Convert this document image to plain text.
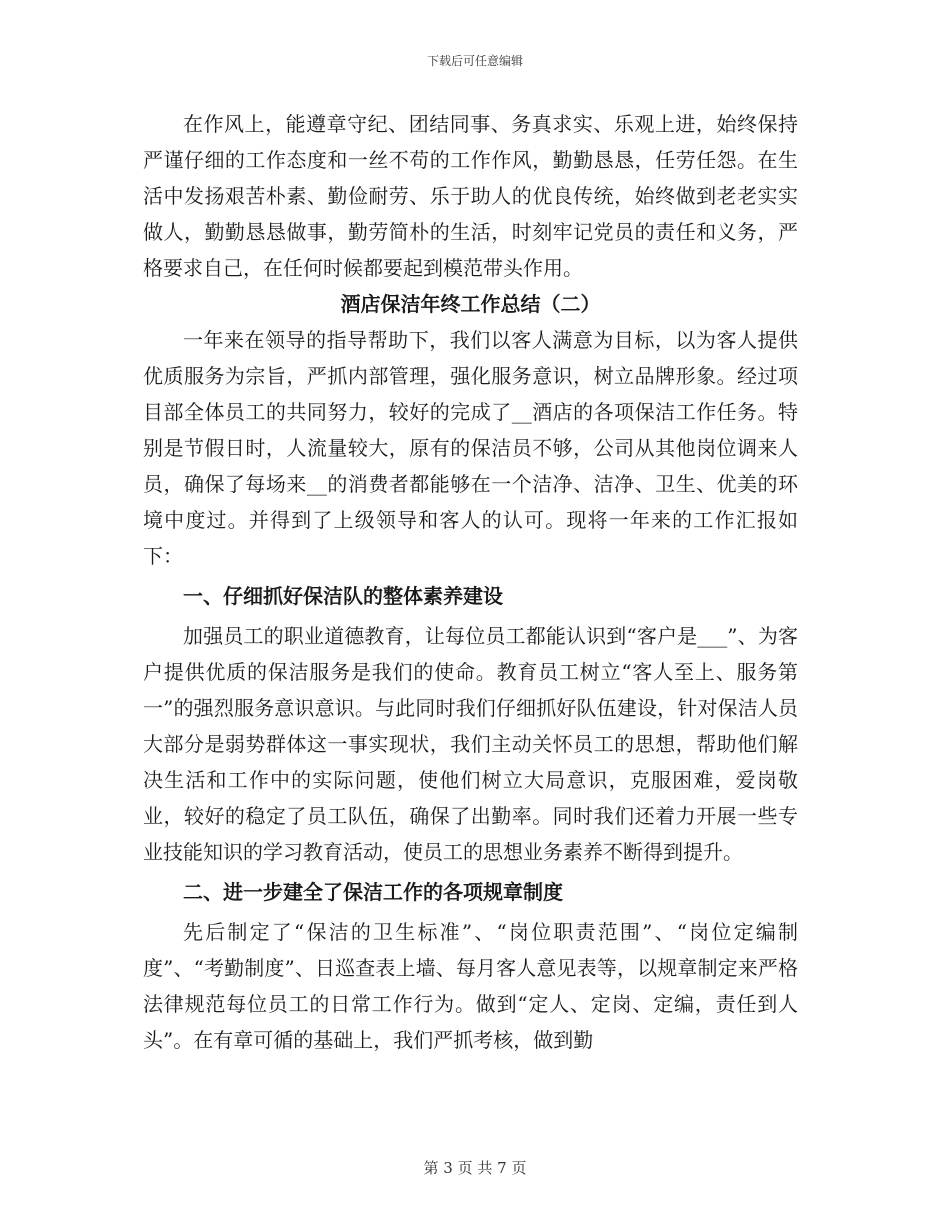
下载后可任意编辑

在作风上，能遵章守纪、团结同事、务真求实、乐观上进，始终保持严谨仔细的工作态度和一丝不苟的工作作风，勤勤恳恳，任劳任怨。在生活中发扬艰苦朴素、勤俭耐劳、乐于助人的优良传统，始终做到老老实实做人，勤勤恳恳做事，勤劳简朴的生活，时刻牢记党员的责任和义务，严格要求自己，在任何时候都要起到模范带头作用。

酒店保洁年终工作总结（二）

一年来在领导的指导帮助下，我们以客人满意为目标，以为客人提供优质服务为宗旨，严抓内部管理，强化服务意识，树立品牌形象。经过项目部全体员工的共同努力，较好的完成了__酒店的各项保洁工作任务。特别是节假日时，人流量较大，原有的保洁员不够，公司从其他岗位调来人员，确保了每场来__的消费者都能够在一个洁净、洁净、卫生、优美的环境中度过。并得到了上级领导和客人的认可。现将一年来的工作汇报如下：

一、仔细抓好保洁队的整体素养建设

加强员工的职业道德教育，让每位员工都能认识到“客户是___”、为客户提供优质的保洁服务是我们的使命。教育员工树立“客人至上、服务第一”的强烈服务意识意识。与此同时我们仔细抓好队伍建设，针对保洁人员大部分是弱势群体这一事实现状，我们主动关怀员工的思想，帮助他们解决生活和工作中的实际问题，使他们树立大局意识，克服困难，爱岗敬业，较好的稳定了员工队伍，确保了出勤率。同时我们还着力开展一些专业技能知识的学习教育活动，使员工的思想业务素养不断得到提升。

二、进一步建全了保洁工作的各项规章制度

先后制定了“保洁的卫生标准”、“岗位职责范围”、“岗位定编制度”、“考勤制度”、日巡查表上墙、每月客人意见表等，以规章制定来严格法律规范每位员工的日常工作行为。做到“定人、定岗、定编，责任到人头”。在有章可循的基础上，我们严抓考核，做到勤

第 3 页 共 7 页
